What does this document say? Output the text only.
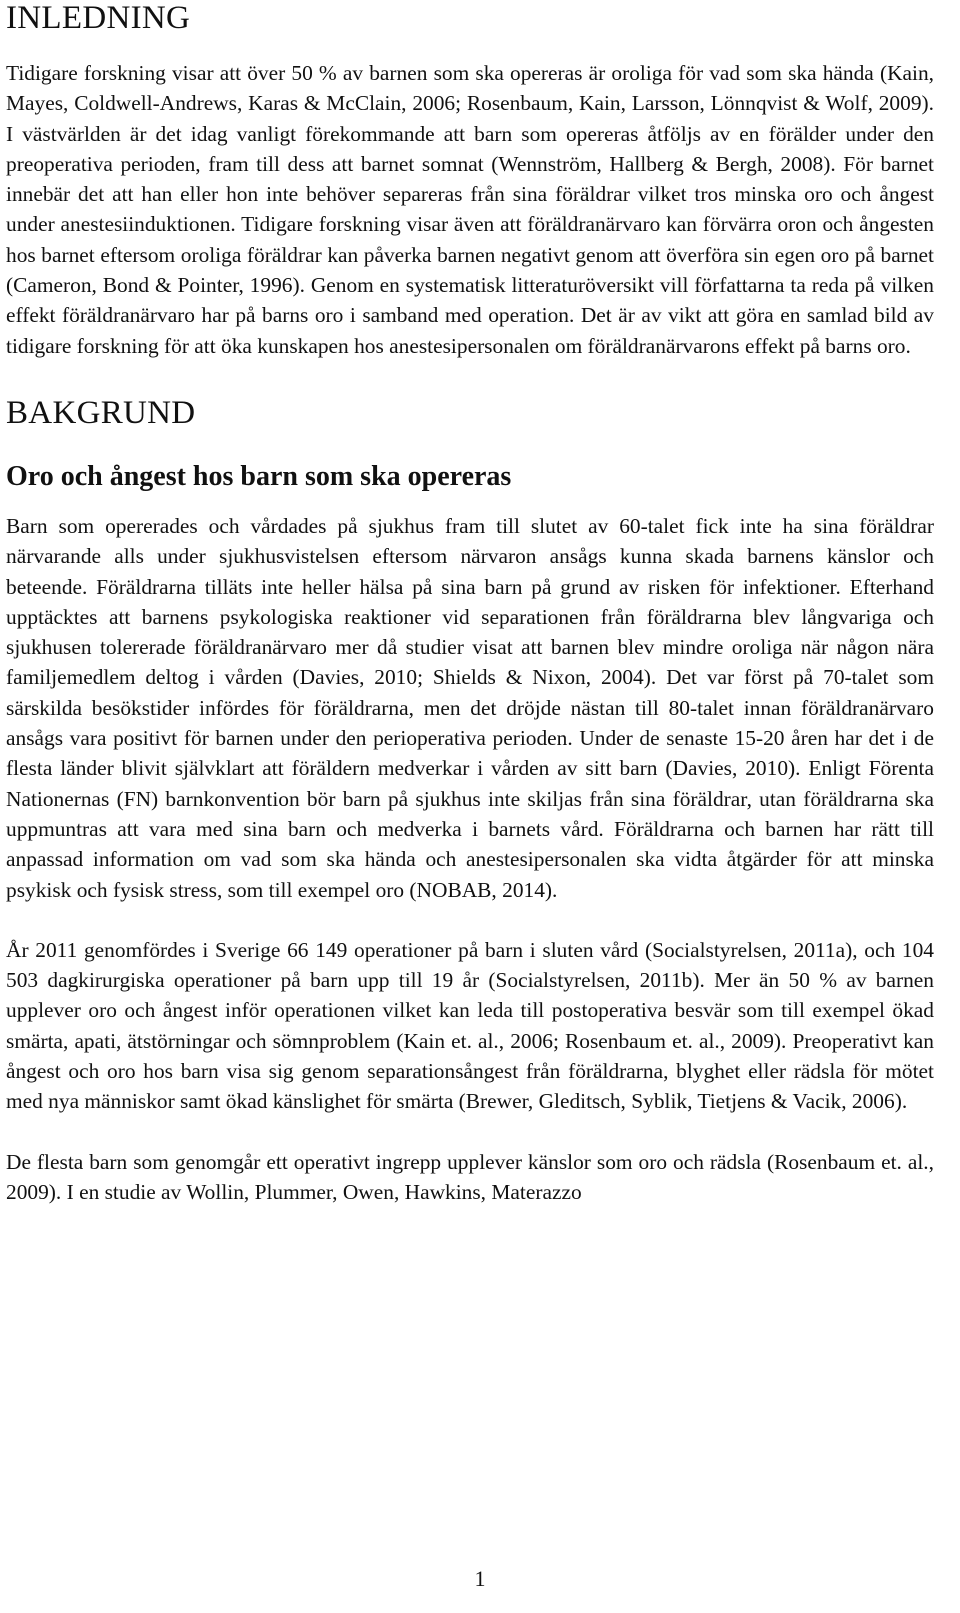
INLEDNING

Tidigare forskning visar att över 50 % av barnen som ska opereras är oroliga för vad som ska hända (Kain, Mayes, Coldwell-Andrews, Karas & McClain, 2006; Rosenbaum, Kain, Larsson, Lönnqvist & Wolf, 2009). I västvärlden är det idag vanligt förekommande att barn som opereras åtföljs av en förälder under den preoperativa perioden, fram till dess att barnet somnat (Wennström, Hallberg & Bergh, 2008). För barnet innebär det att han eller hon inte behöver separeras från sina föräldrar vilket tros minska oro och ångest under anestesiinduktionen. Tidigare forskning visar även att föräldranärvaro kan förvärra oron och ångesten hos barnet eftersom oroliga föräldrar kan påverka barnen negativt genom att överföra sin egen oro på barnet (Cameron, Bond & Pointer, 1996). Genom en systematisk litteraturöversikt vill författarna ta reda på vilken effekt föräldranärvaro har på barns oro i samband med operation. Det är av vikt att göra en samlad bild av tidigare forskning för att öka kunskapen hos anestesipersonalen om föräldranärvarons effekt på barns oro.

BAKGRUND
Oro och ångest hos barn som ska opereras

Barn som opererades och vårdades på sjukhus fram till slutet av 60-talet fick inte ha sina föräldrar närvarande alls under sjukhusvistelsen eftersom närvaron ansågs kunna skada barnens känslor och beteende. Föräldrarna tilläts inte heller hälsa på sina barn på grund av risken för infektioner. Efterhand upptäcktes att barnens psykologiska reaktioner vid separationen från föräldrarna blev långvariga och sjukhusen tolererade föräldranärvaro mer då studier visat att barnen blev mindre oroliga när någon nära familjemedlem deltog i vården (Davies, 2010; Shields & Nixon, 2004). Det var först på 70-talet som särskilda besökstider infördes för föräldrarna, men det dröjde nästan till 80-talet innan föräldranärvaro ansågs vara positivt för barnen under den perioperativa perioden. Under de senaste 15-20 åren har det i de flesta länder blivit självklart att föräldern medverkar i vården av sitt barn (Davies, 2010). Enligt Förenta Nationernas (FN) barnkonvention bör barn på sjukhus inte skiljas från sina föräldrar, utan föräldrarna ska uppmuntras att vara med sina barn och medverka i barnets vård. Föräldrarna och barnen har rätt till anpassad information om vad som ska hända och anestesipersonalen ska vidta åtgärder för att minska psykisk och fysisk stress, som till exempel oro (NOBAB, 2014).

År 2011 genomfördes i Sverige 66 149 operationer på barn i sluten vård (Socialstyrelsen, 2011a), och 104 503 dagkirurgiska operationer på barn upp till 19 år (Socialstyrelsen, 2011b). Mer än 50 % av barnen upplever oro och ångest inför operationen vilket kan leda till postoperativa besvär som till exempel ökad smärta, apati, ätstörningar och sömnproblem (Kain et. al., 2006; Rosenbaum et. al., 2009). Preoperativt kan ångest och oro hos barn visa sig genom separationsångest från föräldrarna, blyghet eller rädsla för mötet med nya människor samt ökad känslighet för smärta (Brewer, Gleditsch, Syblik, Tietjens & Vacik, 2006).

De flesta barn som genomgår ett operativt ingrepp upplever känslor som oro och rädsla (Rosenbaum et. al., 2009). I en studie av Wollin, Plummer, Owen, Hawkins, Materazzo

1
